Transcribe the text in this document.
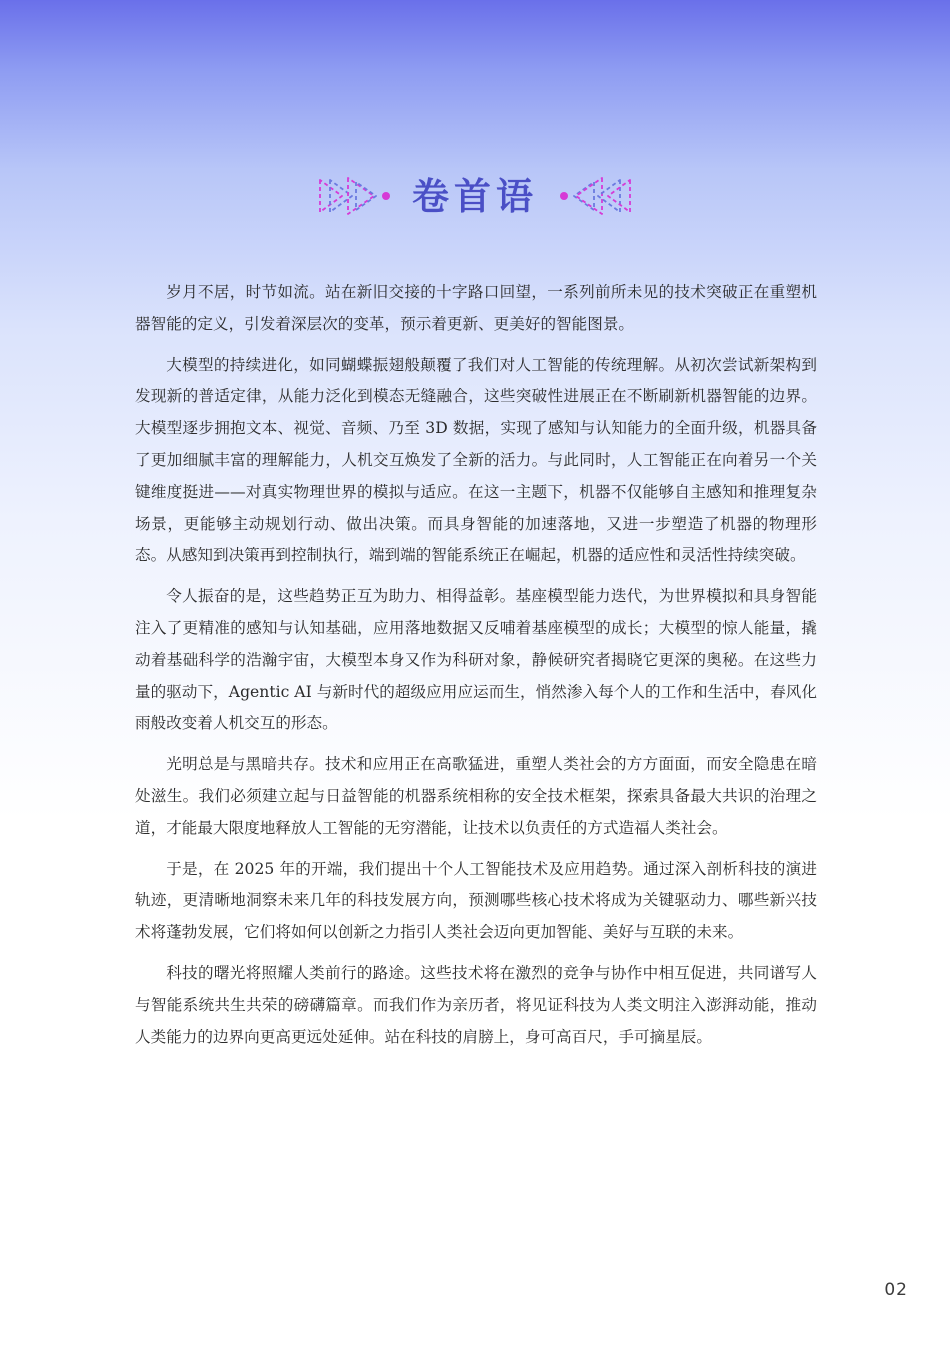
卷首语

岁月不居，时节如流。站在新旧交接的十字路口回望，一系列前所未见的技术突破正在重塑机器智能的定义，引发着深层次的变革，预示着更新、更美好的智能图景。

大模型的持续进化，如同蝴蝶振翅般颠覆了我们对人工智能的传统理解。从初次尝试新架构到发现新的普适定律，从能力泛化到模态无缝融合，这些突破性进展正在不断刷新机器智能的边界。大模型逐步拥抱文本、视觉、音频、乃至 3D 数据，实现了感知与认知能力的全面升级，机器具备了更加细腻丰富的理解能力，人机交互焕发了全新的活力。与此同时，人工智能正在向着另一个关键维度挺进——对真实物理世界的模拟与适应。在这一主题下，机器不仅能够自主感知和推理复杂场景，更能够主动规划行动、做出决策。而具身智能的加速落地，又进一步塑造了机器的物理形态。从感知到决策再到控制执行，端到端的智能系统正在崛起，机器的适应性和灵活性持续突破。

令人振奋的是，这些趋势正互为助力、相得益彰。基座模型能力迭代，为世界模拟和具身智能注入了更精准的感知与认知基础，应用落地数据又反哺着基座模型的成长；大模型的惊人能量，撬动着基础科学的浩瀚宇宙，大模型本身又作为科研对象，静候研究者揭晓它更深的奥秘。在这些力量的驱动下，Agentic AI 与新时代的超级应用应运而生，悄然渗入每个人的工作和生活中，春风化雨般改变着人机交互的形态。

光明总是与黑暗共存。技术和应用正在高歌猛进，重塑人类社会的方方面面，而安全隐患在暗处滋生。我们必须建立起与日益智能的机器系统相称的安全技术框架，探索具备最大共识的治理之道，才能最大限度地释放人工智能的无穷潜能，让技术以负责任的方式造福人类社会。

于是，在 2025 年的开端，我们提出十个人工智能技术及应用趋势。通过深入剖析科技的演进轨迹，更清晰地洞察未来几年的科技发展方向，预测哪些核心技术将成为关键驱动力、哪些新兴技术将蓬勃发展，它们将如何以创新之力指引人类社会迈向更加智能、美好与互联的未来。

科技的曙光将照耀人类前行的路途。这些技术将在激烈的竞争与协作中相互促进，共同谱写人与智能系统共生共荣的磅礴篇章。而我们作为亲历者，将见证科技为人类文明注入澎湃动能，推动人类能力的边界向更高更远处延伸。站在科技的肩膀上，身可高百尺，手可摘星辰。

02
